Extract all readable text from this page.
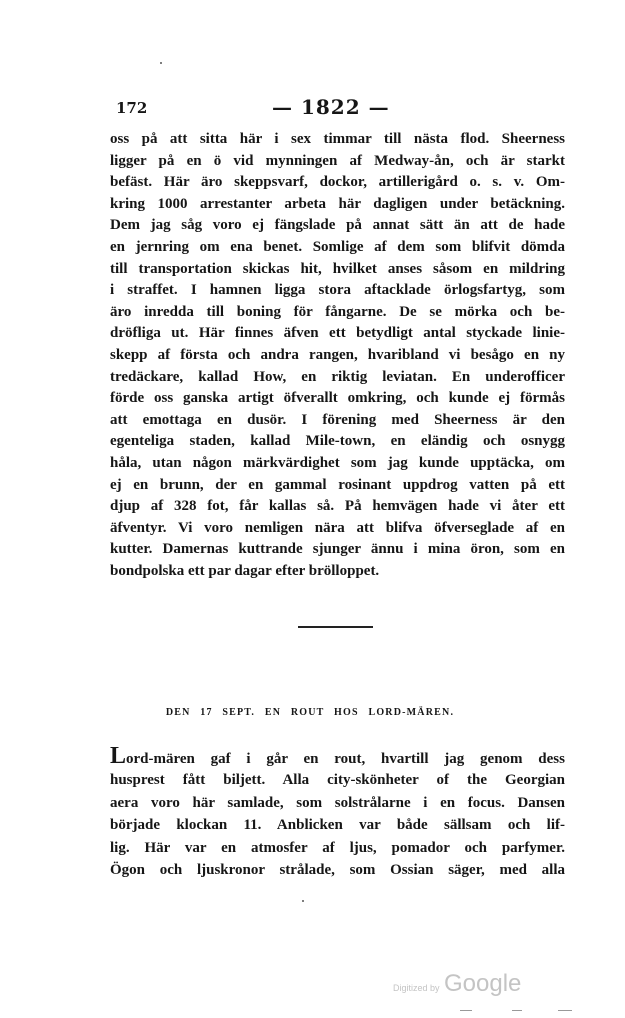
172	— 1822 —
oss på att sitta här i sex timmar till nästa flod. Sheerness
ligger på en ö vid mynningen af Medway-ån, och är starkt
befäst. Här äro skeppsvarf, dockor, artillerigård o. s. v. Om-
kring 1000 arrestanter arbeta här dagligen under betäckning.
Dem jag såg voro ej fängslade på annat sätt än att de hade
en jernring om ena benet. Somlige af dem som blifvit dömda
till transportation skickas hit, hvilket anses såsom en mildring
i straffet. I hamnen ligga stora aftacklade örlogsfartyg, som
äro inredda till boning för fångarne. De se mörka och be-
dröfliga ut. Här finnes äfven ett betydligt antal styckade linie-
skepp af första och andra rangen, hvaribland vi besågo en ny
tredäckare, kallad How, en riktig leviatan. En underofficer
förde oss ganska artigt öfverallt omkring, och kunde ej förmås
att emottaga en dusör. I förening med Sheerness är den
egenteliga staden, kallad Mile-town, en eländig och osnygg
håla, utan någon märkvärdighet som jag kunde upptäcka, om
ej en brunn, der en gammal rosinant uppdrog vatten på ett
djup af 328 fot, får kallas så. På hemvägen hade vi åter ett
äfventyr. Vi voro nemligen nära att blifva öfverseglade af en
kutter. Damernas kuttrande sjunger ännu i mina öron, som en
bondpolska ett par dagar efter brölloppet.
DEN 17 SEPT. EN ROUT HOS LORD-MÄREN.
Lord-mären gaf i går en rout, hvartill jag genom dess
husprest fått biljett. Alla city-skönheter of the Georgian
aera voro här samlade, som solstrålarne i en focus. Dansen
började klockan 11. Anblicken var både sällsam och lif-
lig. Här var en atmosfer af ljus, pomador och parfymer.
Ögon och ljuskronor strålade, som Ossian säger, med alla
Digitized by Google
